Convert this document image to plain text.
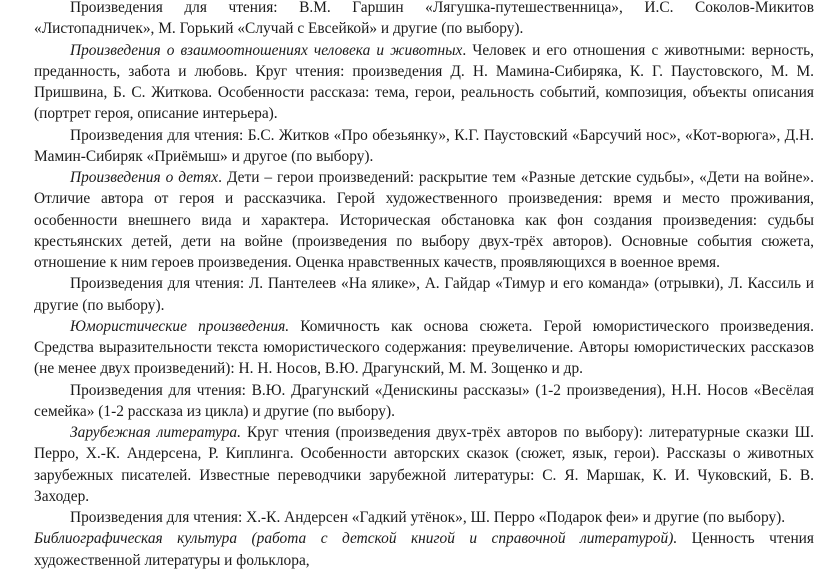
Произведения для чтения: В.М. Гаршин «Лягушка-путешественница», И.С. Соколов-Микитов «Листопадничек», М. Горький «Случай с Евсейкой» и другие (по выбору).

Произведения о взаимоотношениях человека и животных. Человек и его отношения с животными: верность, преданность, забота и любовь. Круг чтения: произведения Д. Н. Мамина-Сибиряка, К. Г. Паустовского, М. М. Пришвина, Б. С. Житкова. Особенности рассказа: тема, герои, реальность событий, композиция, объекты описания (портрет героя, описание интерьера).

Произведения для чтения: Б.С. Житков «Про обезьянку», К.Г. Паустовский «Барсучий нос», «Кот-ворюга», Д.Н. Мамин-Сибиряк «Приёмыш» и другое (по выбору).

Произведения о детях. Дети – герои произведений: раскрытие тем «Разные детские судьбы», «Дети на войне». Отличие автора от героя и рассказчика. Герой художественного произведения: время и место проживания, особенности внешнего вида и характера. Историческая обстановка как фон создания произведения: судьбы крестьянских детей, дети на войне (произведения по выбору двух-трёх авторов). Основные события сюжета, отношение к ним героев произведения. Оценка нравственных качеств, проявляющихся в военное время.

Произведения для чтения: Л. Пантелеев «На ялике», А. Гайдар «Тимур и его команда» (отрывки), Л. Кассиль и другие (по выбору).

Юмористические произведения. Комичность как основа сюжета. Герой юмористического произведения. Средства выразительности текста юмористического содержания: преувеличение. Авторы юмористических рассказов (не менее двух произведений): Н. Н. Носов, В.Ю. Драгунский, М. М. Зощенко и др.

Произведения для чтения: В.Ю. Драгунский «Денискины рассказы» (1-2 произведения), Н.Н. Носов «Весёлая семейка» (1-2 рассказа из цикла) и другие (по выбору).

Зарубежная литература. Круг чтения (произведения двух-трёх авторов по выбору): литературные сказки Ш. Перро, Х.-К. Андерсена, Р. Киплинга. Особенности авторских сказок (сюжет, язык, герои). Рассказы о животных зарубежных писателей. Известные переводчики зарубежной литературы: С. Я. Маршак, К. И. Чуковский, Б. В. Заходер.

Произведения для чтения: Х.-К. Андерсен «Гадкий утёнок», Ш. Перро «Подарок феи» и другие (по выбору).

Библиографическая культура (работа с детской книгой и справочной литературой). Ценность чтения художественной литературы и фольклора,
